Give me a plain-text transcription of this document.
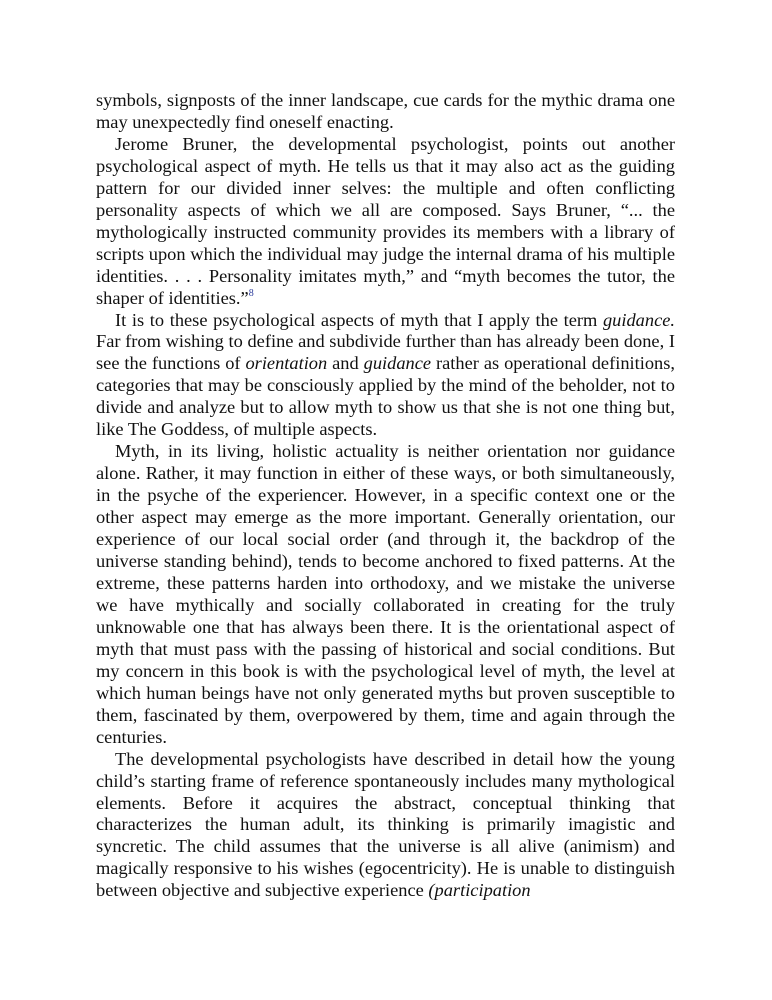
symbols, signposts of the inner landscape, cue cards for the mythic drama one may unexpectedly find oneself enacting.

Jerome Bruner, the developmental psychologist, points out another psychological aspect of myth. He tells us that it may also act as the guiding pattern for our divided inner selves: the multiple and often conflicting personality aspects of which we all are composed. Says Bruner, “... the mythologically instructed community provides its members with a library of scripts upon which the individual may judge the internal drama of his multiple identities. . . . Personality imitates myth,” and “myth becomes the tutor, the shaper of identities.”$^8$

It is to these psychological aspects of myth that I apply the term guidance. Far from wishing to define and subdivide further than has already been done, I see the functions of orientation and guidance rather as operational definitions, categories that may be consciously applied by the mind of the beholder, not to divide and analyze but to allow myth to show us that she is not one thing but, like The Goddess, of multiple aspects.

Myth, in its living, holistic actuality is neither orientation nor guidance alone. Rather, it may function in either of these ways, or both simultaneously, in the psyche of the experiencer. However, in a specific context one or the other aspect may emerge as the more important. Generally orientation, our experience of our local social order (and through it, the backdrop of the universe standing behind), tends to become anchored to fixed patterns. At the extreme, these patterns harden into orthodoxy, and we mistake the universe we have mythically and socially collaborated in creating for the truly unknowable one that has always been there. It is the orientational aspect of myth that must pass with the passing of historical and social conditions. But my concern in this book is with the psychological level of myth, the level at which human beings have not only generated myths but proven susceptible to them, fascinated by them, overpowered by them, time and again through the centuries.

The developmental psychologists have described in detail how the young child’s starting frame of reference spontaneously includes many mythological elements. Before it acquires the abstract, conceptual thinking that characterizes the human adult, its thinking is primarily imagistic and syncretic. The child assumes that the universe is all alive (animism) and magically responsive to his wishes (egocentricity). He is unable to distinguish between objective and subjective experience (participation
